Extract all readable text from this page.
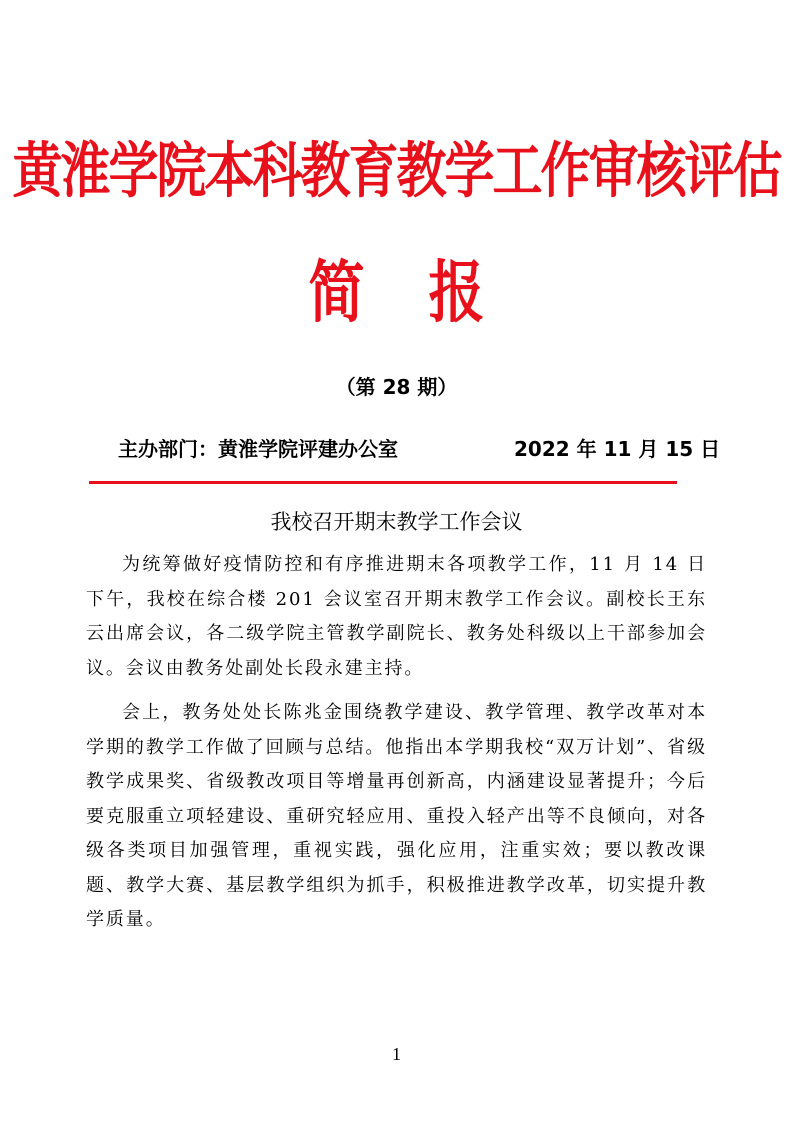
黄淮学院本科教育教学工作审核评估
简报
（第 28 期）
主办部门：黄淮学院评建办公室	2022 年 11 月 15 日
我校召开期末教学工作会议

为统筹做好疫情防控和有序推进期末各项教学工作，11 月 14 日下午，我校在综合楼 201 会议室召开期末教学工作会议。副校长王东云出席会议，各二级学院主管教学副院长、教务处科级以上干部参加会议。会议由教务处副处长段永建主持。

会上，教务处处长陈兆金围绕教学建设、教学管理、教学改革对本学期的教学工作做了回顾与总结。他指出本学期我校“双万计划”、省级教学成果奖、省级教改项目等增量再创新高，内涵建设显著提升；今后要克服重立项轻建设、重研究轻应用、重投入轻产出等不良倾向，对各级各类项目加强管理，重视实践，强化应用，注重实效；要以教改课题、教学大赛、基层教学组织为抓手，积极推进教学改革，切实提升教学质量。

1
